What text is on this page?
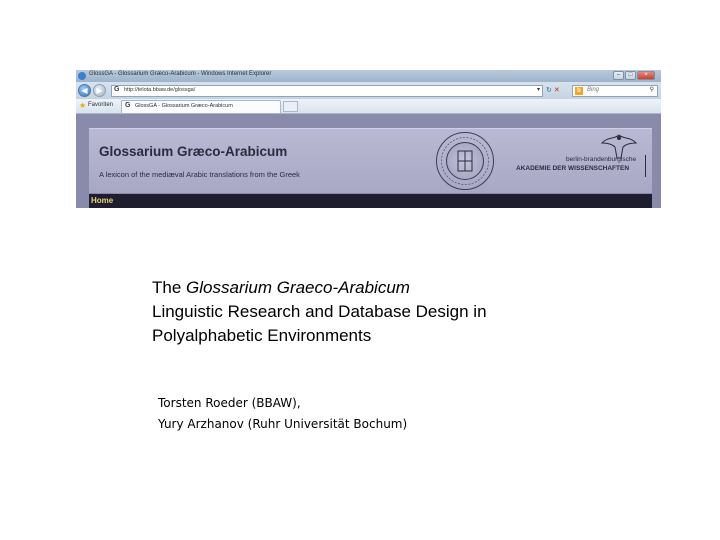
GlossGA - Glossarium Græco-Arabicum - Windows Internet Explorer	–	□	×
◀	▶	G http://telota.bbaw.de/glossga/	▾ ↻ ✕	b	Bing	⚲
★ Favoriten G GlossGA - Glossarium Græco-Arabicum
Glossarium Græco-Arabicum
A lexicon of the mediæval Arabic translations from the Greek
berlin-brandenburgische
AKADEMIE DER WISSENSCHAFTEN
Home
The Glossarium Graeco-Arabicum
Linguistic Research and Database Design in
Polyalphabetic Environments
Torsten Roeder (BBAW),
Yury Arzhanov (Ruhr Universität Bochum)
